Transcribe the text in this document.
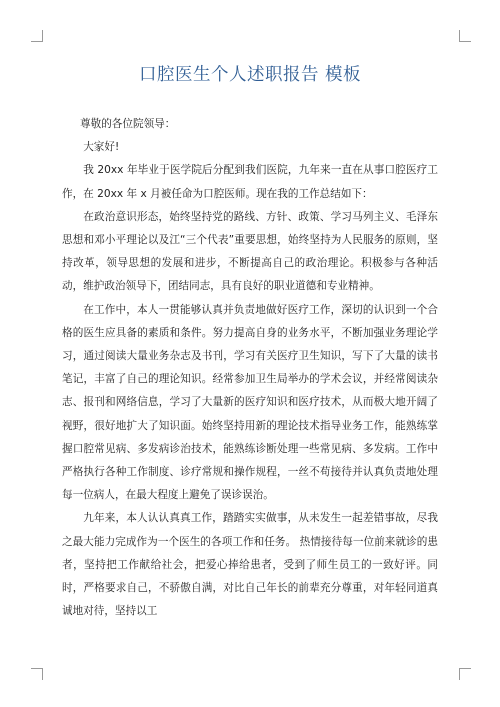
口腔医生个人述职报告 模板

尊敬的各位院领导：

大家好!

我 20xx 年毕业于医学院后分配到我们医院，九年来一直在从事口腔医疗工作，在 20xx 年 x 月被任命为口腔医师。现在我的工作总结如下：

在政治意识形态，始终坚持党的路线、方针、政策、学习马列主义、毛泽东思想和邓小平理论以及江“三个代表”重要思想，始终坚持为人民服务的原则，坚持改革，领导思想的发展和进步，不断提高自己的政治理论。积极参与各种活动，维护政治领导下，团结同志，具有良好的职业道德和专业精神。

在工作中，本人一贯能够认真并负责地做好医疗工作，深切的认识到一个合格的医生应具备的素质和条件。努力提高自身的业务水平，不断加强业务理论学习，通过阅读大量业务杂志及书刊，学习有关医疗卫生知识，写下了大量的读书笔记，丰富了自己的理论知识。经常参加卫生局举办的学术会议，并经常阅读杂志、报刊和网络信息，学习了大量新的医疗知识和医疗技术，从而极大地开阔了视野，很好地扩大了知识面。始终坚持用新的理论技术指导业务工作，能熟练掌握口腔常见病、多发病诊治技术，能熟练诊断处理一些常见病、多发病。工作中严格执行各种工作制度、诊疗常规和操作规程，一丝不苟接待并认真负责地处理每一位病人，在最大程度上避免了误诊误治。

九年来，本人认认真真工作，踏踏实实做事，从未发生一起差错事故，尽我之最大能力完成作为一个医生的各项工作和任务。 热情接待每一位前来就诊的患者，坚持把工作献给社会，把爱心捧给患者，受到了师生员工的一致好评。同时，严格要求自己，不骄傲自满，对比自己年长的前辈充分尊重，对年轻同道真诚地对待，坚持以工
